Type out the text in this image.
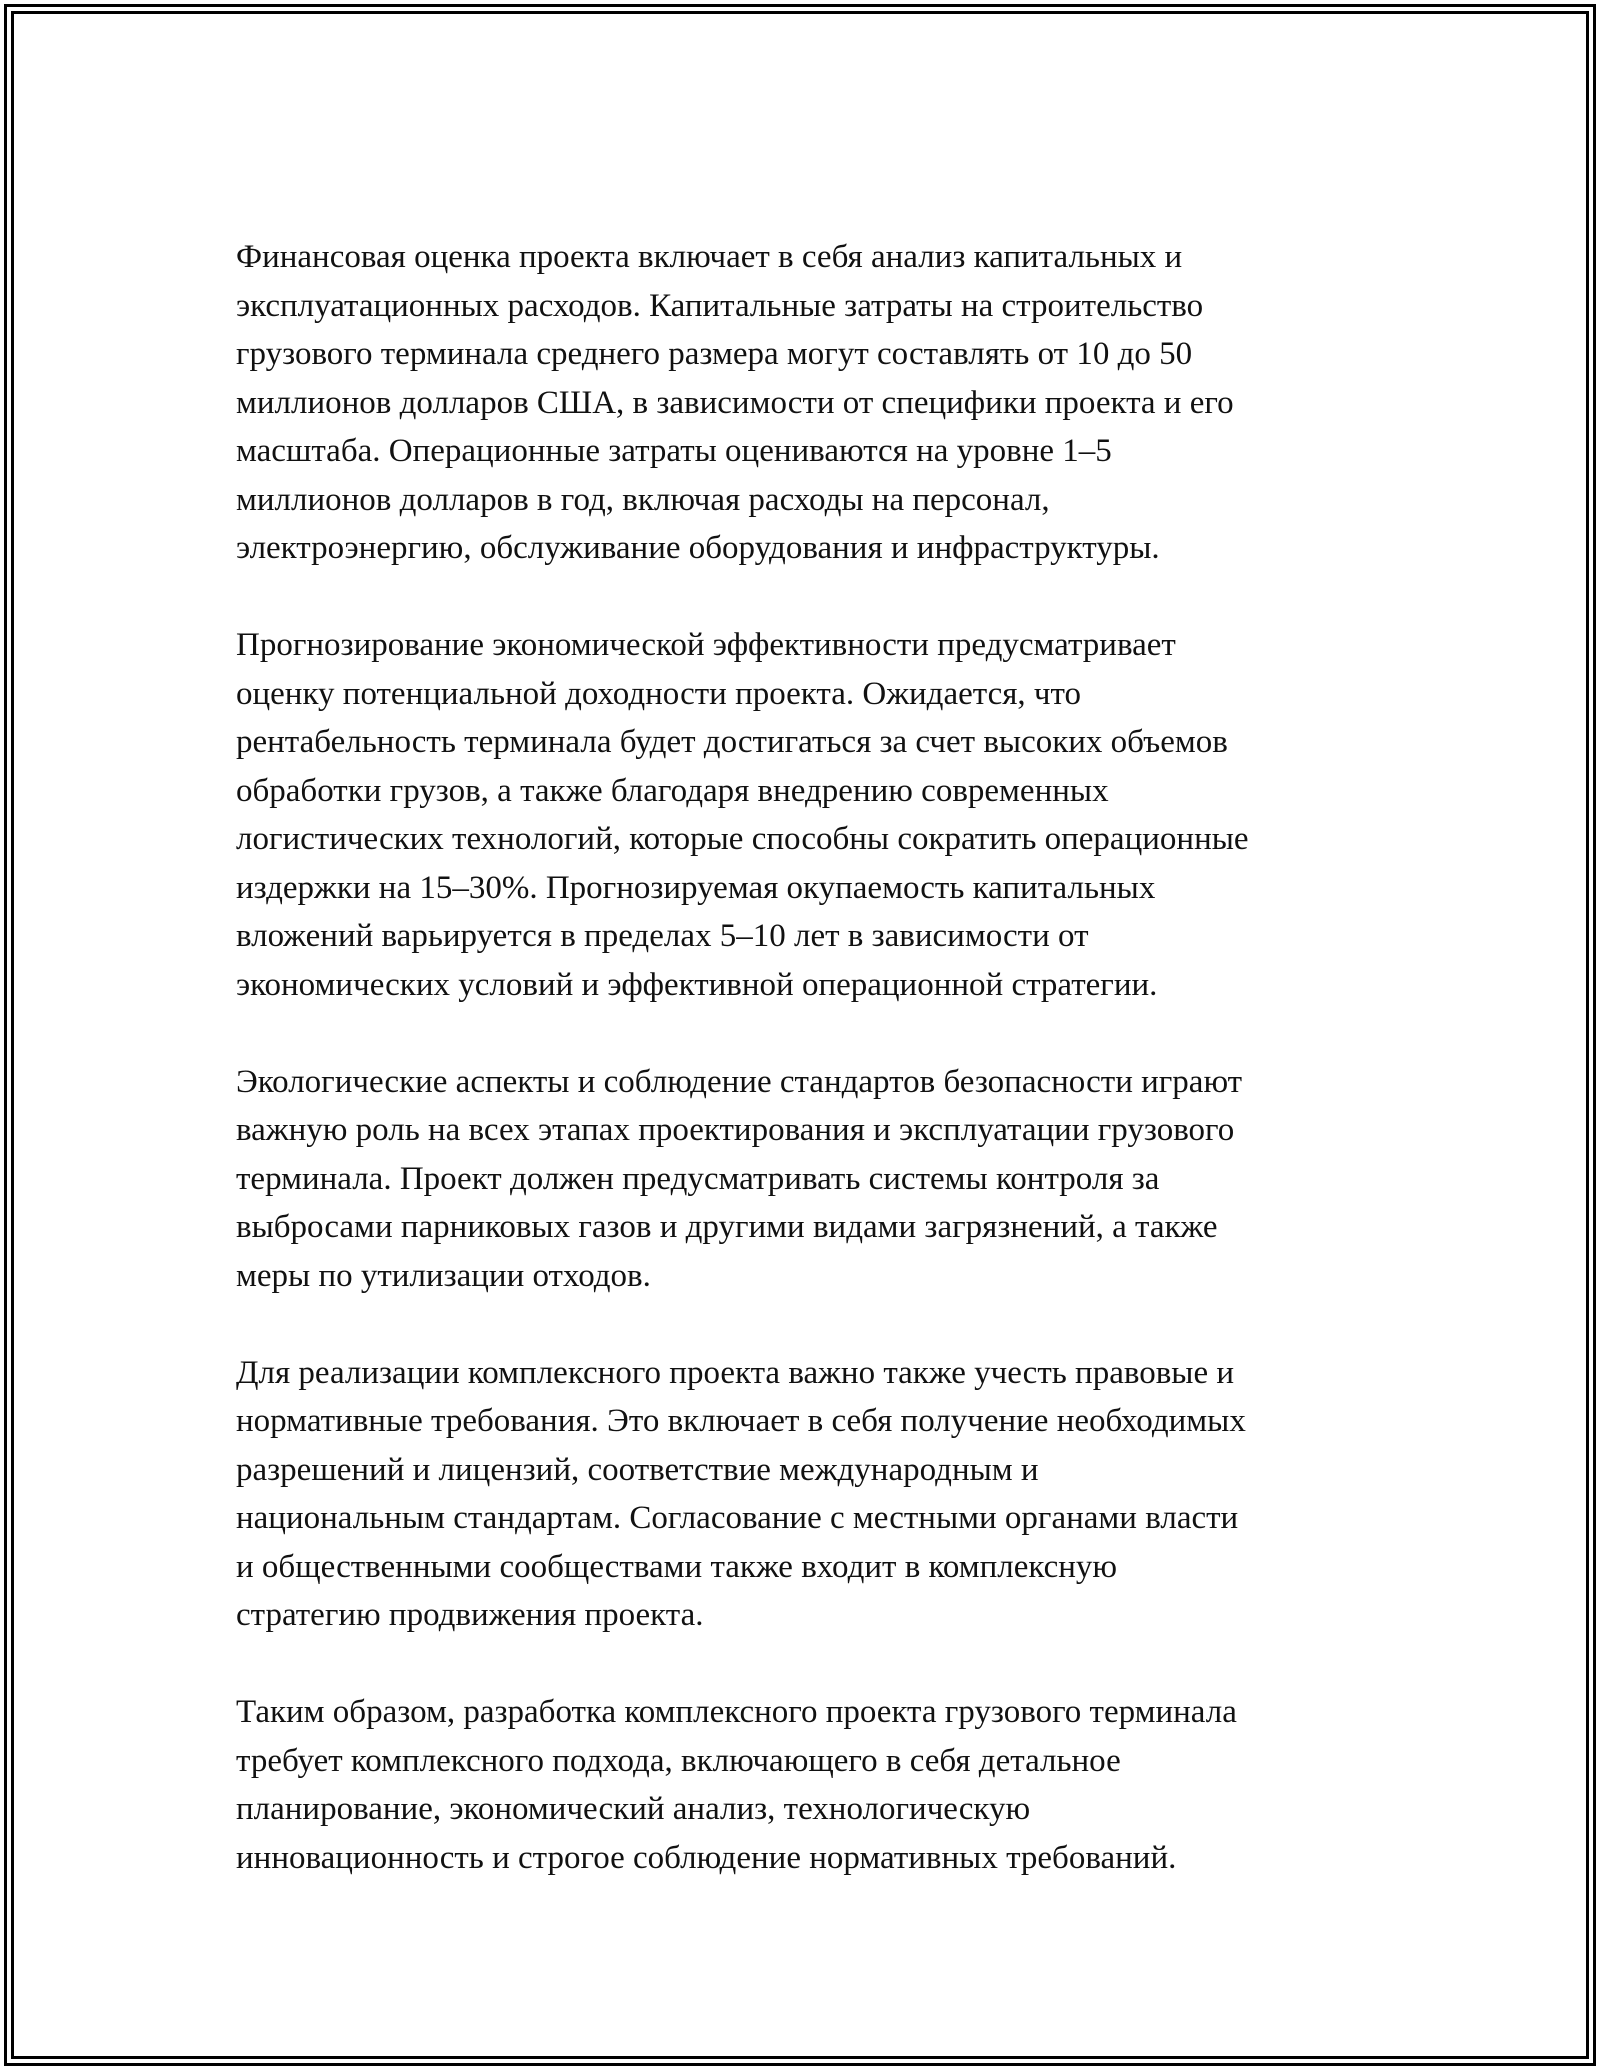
Финансовая оценка проекта включает в себя анализ капитальных и
эксплуатационных расходов. Капитальные затраты на строительство
грузового терминала среднего размера могут составлять от 10 до 50
миллионов долларов США, в зависимости от специфики проекта и его
масштаба. Операционные затраты оцениваются на уровне 1–5
миллионов долларов в год, включая расходы на персонал,
электроэнергию, обслуживание оборудования и инфраструктуры.

Прогнозирование экономической эффективности предусматривает
оценку потенциальной доходности проекта. Ожидается, что
рентабельность терминала будет достигаться за счет высоких объемов
обработки грузов, а также благодаря внедрению современных
логистических технологий, которые способны сократить операционные
издержки на 15–30%. Прогнозируемая окупаемость капитальных
вложений варьируется в пределах 5–10 лет в зависимости от
экономических условий и эффективной операционной стратегии.

Экологические аспекты и соблюдение стандартов безопасности играют
важную роль на всех этапах проектирования и эксплуатации грузового
терминала. Проект должен предусматривать системы контроля за
выбросами парниковых газов и другими видами загрязнений, а также
меры по утилизации отходов.

Для реализации комплексного проекта важно также учесть правовые и
нормативные требования. Это включает в себя получение необходимых
разрешений и лицензий, соответствие международным и
национальным стандартам. Согласование с местными органами власти
и общественными сообществами также входит в комплексную
стратегию продвижения проекта.

Таким образом, разработка комплексного проекта грузового терминала
требует комплексного подхода, включающего в себя детальное
планирование, экономический анализ, технологическую
инновационность и строгое соблюдение нормативных требований.
